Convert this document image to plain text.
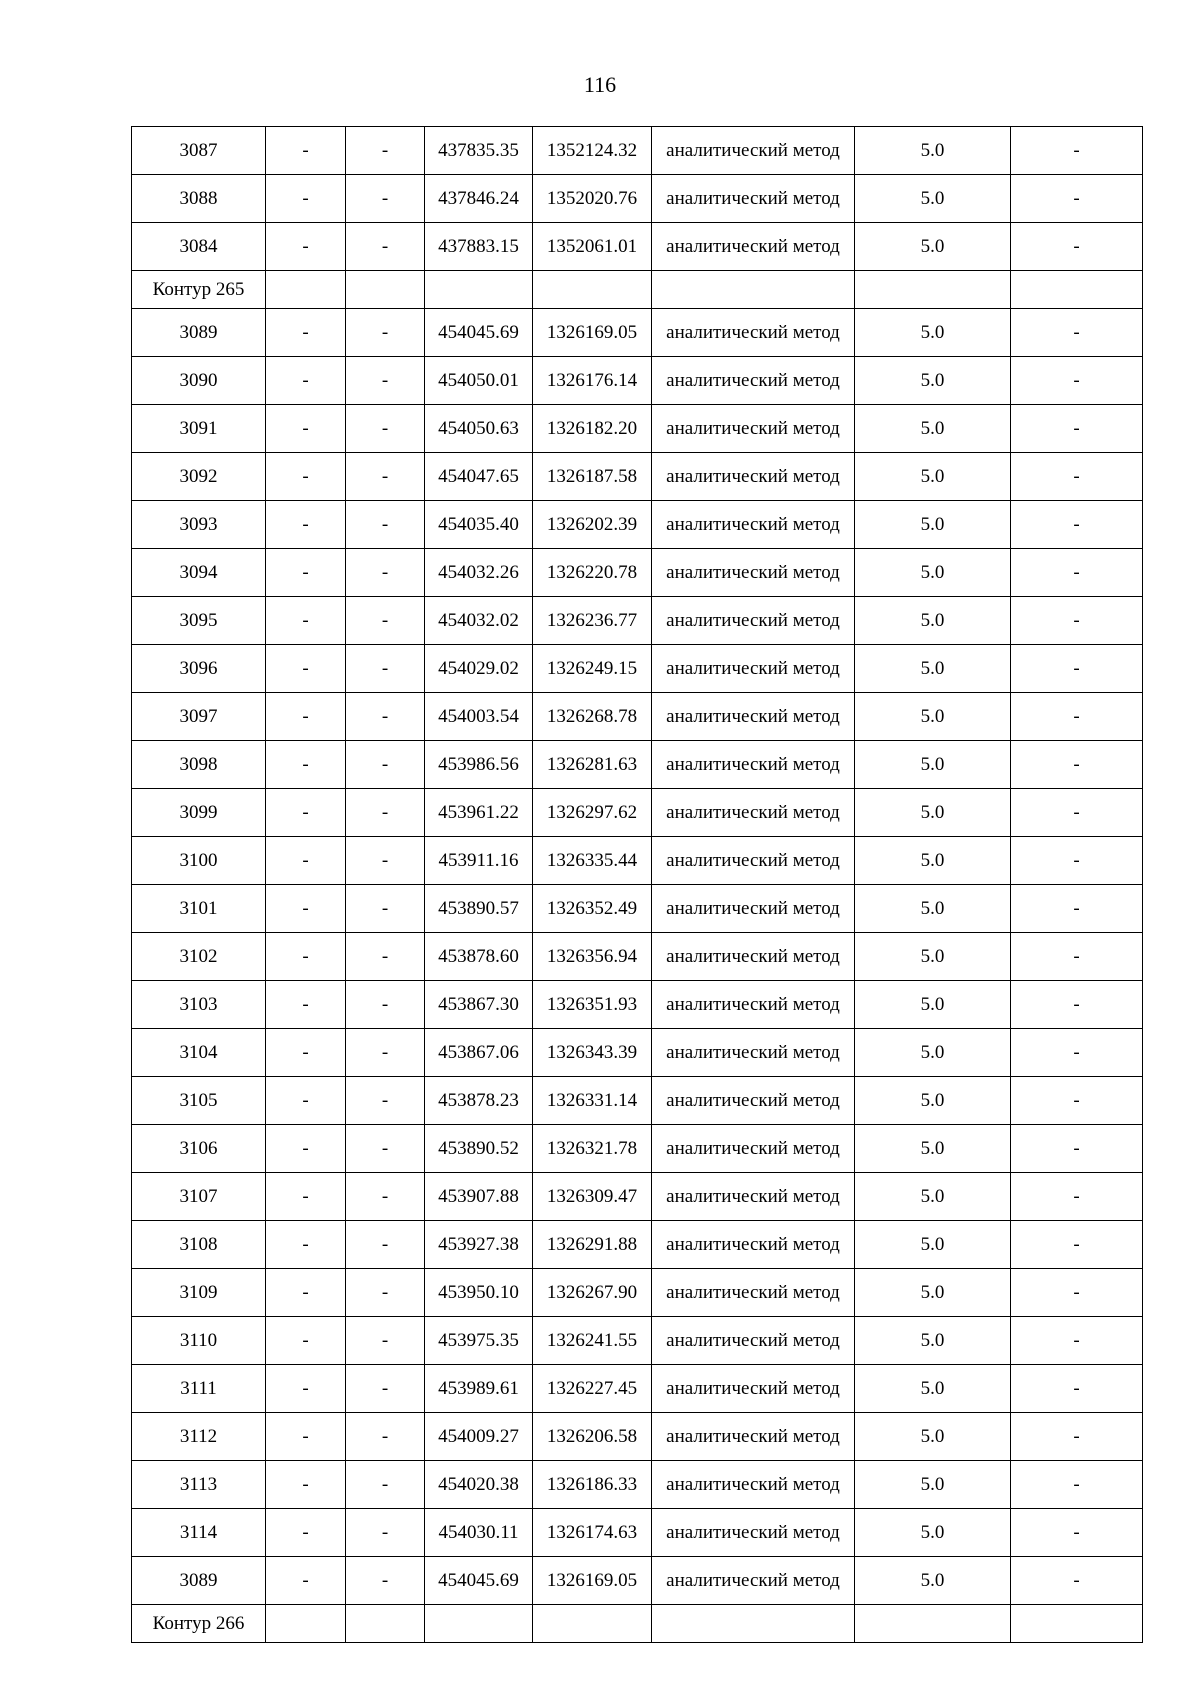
116
3087	-	-	437835.35	1352124.32	аналитический метод	5.0	-
3088	-	-	437846.24	1352020.76	аналитический метод	5.0	-
3084	-	-	437883.15	1352061.01	аналитический метод	5.0	-
Контур 265							
3089	-	-	454045.69	1326169.05	аналитический метод	5.0	-
3090	-	-	454050.01	1326176.14	аналитический метод	5.0	-
3091	-	-	454050.63	1326182.20	аналитический метод	5.0	-
3092	-	-	454047.65	1326187.58	аналитический метод	5.0	-
3093	-	-	454035.40	1326202.39	аналитический метод	5.0	-
3094	-	-	454032.26	1326220.78	аналитический метод	5.0	-
3095	-	-	454032.02	1326236.77	аналитический метод	5.0	-
3096	-	-	454029.02	1326249.15	аналитический метод	5.0	-
3097	-	-	454003.54	1326268.78	аналитический метод	5.0	-
3098	-	-	453986.56	1326281.63	аналитический метод	5.0	-
3099	-	-	453961.22	1326297.62	аналитический метод	5.0	-
3100	-	-	453911.16	1326335.44	аналитический метод	5.0	-
3101	-	-	453890.57	1326352.49	аналитический метод	5.0	-
3102	-	-	453878.60	1326356.94	аналитический метод	5.0	-
3103	-	-	453867.30	1326351.93	аналитический метод	5.0	-
3104	-	-	453867.06	1326343.39	аналитический метод	5.0	-
3105	-	-	453878.23	1326331.14	аналитический метод	5.0	-
3106	-	-	453890.52	1326321.78	аналитический метод	5.0	-
3107	-	-	453907.88	1326309.47	аналитический метод	5.0	-
3108	-	-	453927.38	1326291.88	аналитический метод	5.0	-
3109	-	-	453950.10	1326267.90	аналитический метод	5.0	-
3110	-	-	453975.35	1326241.55	аналитический метод	5.0	-
3111	-	-	453989.61	1326227.45	аналитический метод	5.0	-
3112	-	-	454009.27	1326206.58	аналитический метод	5.0	-
3113	-	-	454020.38	1326186.33	аналитический метод	5.0	-
3114	-	-	454030.11	1326174.63	аналитический метод	5.0	-
3089	-	-	454045.69	1326169.05	аналитический метод	5.0	-
Контур 266							
